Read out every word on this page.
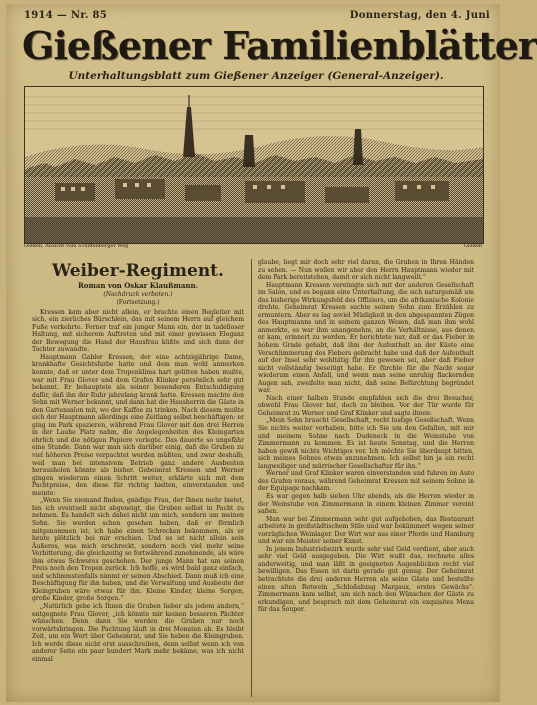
1914 — Nr. 85	Donnerstag, den 4. Juni
Gießener Familienblätter
Unterhaltungsblatt zum Gießener Anzeiger (General-Anzeiger).
Gießen, Ansicht vom Schiffenberger Weg	Gießen
Weiber-Regiment.
Roman von Oskar Klaußmann.
(Nachdruck verboten.)
(Fortsetzung.)

Kressen kam aber nicht allein, er brachte einen Begleiter mit sich, ein zierliches Bürschlein, das mit seinem Herrn auf gleichem Fuße verkehrte. Ferner traf ein junger Mann ein, der in tadelloser Haltung, mit sicherem Auftreten und mit einer gewissen Eleganz der Bewegung die Hand der Hausfrau küßte und sich dann der Tochter zuwandte.

Hauptmann Gabler Kressen, der eine achtzigjährige Dame, krankhafte Gesichtsfarbe hatte und dem man wohl anmerken konnte, daß er unter dem Tropenklima hart gelitten haben mußte, war mit Frau Glover und dem Grafen Klinker persönlich sehr gut bekannt. Er behauptete als seiner besonderen Entschuldigung dafür, daß ihn der Ruhr jahrelang krank hatte. Kressen machte den Sohn mit Werner bekannt, und dann hat die Hausherrin die Gäste in den Gartensalon mit, wo der Kaffee zu trinken. Nach diesem mußte sich der Hauptmann allerdings eine Zeitlang selbst beschäftigen: er ging im Park spazieren, während Frau Glover mit den drei Herren in der Laube Platz nahm, die Angelegenheiten des Kleingarten ehrlich und die nötigen Papiere vorlegte. Das dauerte so ungefähr eine Stunde. Dann war man sich darüber einig, daß die Gruben zu viel höheren Preise verpachtet werden müßten, und zwar deshalb, weil man bei intensivem Betrieb ganz andere Ausbeuten herausholen könnte als bisher. Gebeimrat Kressen und Werner gingen wiederum einen Schritt weiter, erklärte sich mit dem Pachtpreise, den diese für richtig hielten, einverstanden und meinte:

„Wenn Sie niemand finden, gnädige Frau, der Ihnen mehr bietet, bin ich eventuell nicht abgeneigt, die Gruben selbst in Pacht zu nehmen. Es handelt sich dabei nicht um mich, sondern um meinen Sohn. Sie werden schon gesehen haben, daß er förmlich mitgenommen ist; ich habe einen Schrecken bekommen, als er heute plötzlich bei mir erschien. Und es ist nicht allein sein Äußeres, was mich erschreckt, sondern noch viel mehr seine Verbitterung, die gleichzeitig so fortwährend zunehmende, als wäre ihm etwas Schweres geschehen. Der junge Mann hat um seinen Preis noch den Tropen zurück. Ich hoffe, es wird bald ganz einfach, und schlimmstenfalls nimmt er seinen Abschied. Dann muß ich eine Beschäftigung für ihn haben, und die Verwaltung und Ausbeute der Kleingruben wäre etwas für ihn. Kleine Kinder, kleine Sorgen, große Kinder, große Sorgen.“

„Natürlich gebe ich Ihnen die Gruben lieber als jedem andern,“ entgegnete Frau Glover, „ich könnte mir keinen besseren Pächter wünschen. Denn dann Sie werden die Gruben nur noch vorwärtsbringen. Die Pachtung läuft in drei Monaten ab. Es bleibt Zeit, um ein Wort über Geheimrat, und Sie haben die Kleingruben. Ich werde diese nicht erst ausschreiben, denn selbst wenn ich von anderer Seite ein paar hundert Mark mehr bekäme, was ich nicht einmal

glaube, liegt mir doch sehr viel daran, die Gruben in Ihren Händen zu sehen. — Nun wollen wir aber den Herrn Hauptmann wieder mit dem Park bereitstehen, damit er sich nicht langweilt.“

Hauptmann Kressen vereinigte sich mit der anderen Gesellschaft im Salon, und es begann eine Unterhaltung, die sich naturgemäß um das bisherige Wirkungsfeld des Offiziers, um die afrikanische Kolonie drehte. Geheimrat Kressen suchte seinen Sohn zum Erzählen zu ermuntern. Aber es lag soviel Müdigkeit in den abgespannten Zügen des Hauptmanns und in seinem ganzen Wesen, daß man ihm wohl anmerkte, es war ihm unangenehm, an die Verhältnisse, aus denen er kam, erinnert zu werden. Er berichtete nur, daß er das Fieber in hohem Grade gehabt, daß ihm der Aufenthalt an der Küste eine Verschlimmerung des Fiebers gebracht habe und daß der Aufenthalt auf der Insel sehr wohltätig für ihn gewesen sei, aber daß Fieber nicht vollständig beseitigt habe. Er fürchte für die Nacht sogar wiederum einen Anfall, und wenn man seine unruhig flackernden Augen sah, zweifelte man nicht, daß seine Befürchtung begründet war.

Nach einer halben Stunde empfahlen sich die drei Besucher, obwohl Frau Glover bat, doch zu bleiben. Vor der Tür wurde für Geheimrat zu Werner und Graf Klinker und sagte ihnen:

„Mein Sohn braucht Gesellschaft, recht lustige Gesellschaft. Wenn Sie nichts weiter vorhaben, bitte ich Sie um den Gefallen, mit mir und meinem Sohne nach Dudeneck in die Weinstube von Zimmermann zu kommen. Es ist heute Sonntag, und die Herren haben gewiß nichts Wichtiges vor. Ich möchte Sie überdaupt bitten, sich meines Sohnes etwas anzunehmen. Ich selbst bin ja ein recht langweiliger und mürrischer Gesellschafter für ihn.“

Werner und Graf Klinker waren einverstanden und fuhren im Auto des Grafen voraus, während Geheimrat Kressen mit seinem Sohne in der Equipage nachkam.

Es war gegen halb sieben Uhr abends, als die Herren wieder in der Weinstube von Zimmermann in einem kleinen Zimmer vereint saßen.

Man war bei Zimmermann sehr gut aufgehoben, das Restaurant arbeitete in großstädtischem Stile und war bekümmert wegen seiner vorzüglichen Weinlager. Der Wirt war aus einer Pferde und Hamburg und war ein Meister seiner Kunst.

In jenem Industriebezirk wurde sehr viel Geld verdient, aber auch sehr viel Geld ausgegeben. Die Wirt wußt das, rechnete alles anderweitig, und man läßt in geeigneten Augenblicken recht viel bewilligen. Das Essen ist darin gerade gut genug. Der Geheimrat betrachtete die drei anderen Herren als seine Gäste und bestellte einen alten Rotwein „Schloßabzug Margaux, erstes Gewächs“. Zimmermann kam selbst, um sich nach den Wünschen der Gäste zu erkundigen, und besprach mit dem Geheimrat ein exquisites Menu für das Souper.
